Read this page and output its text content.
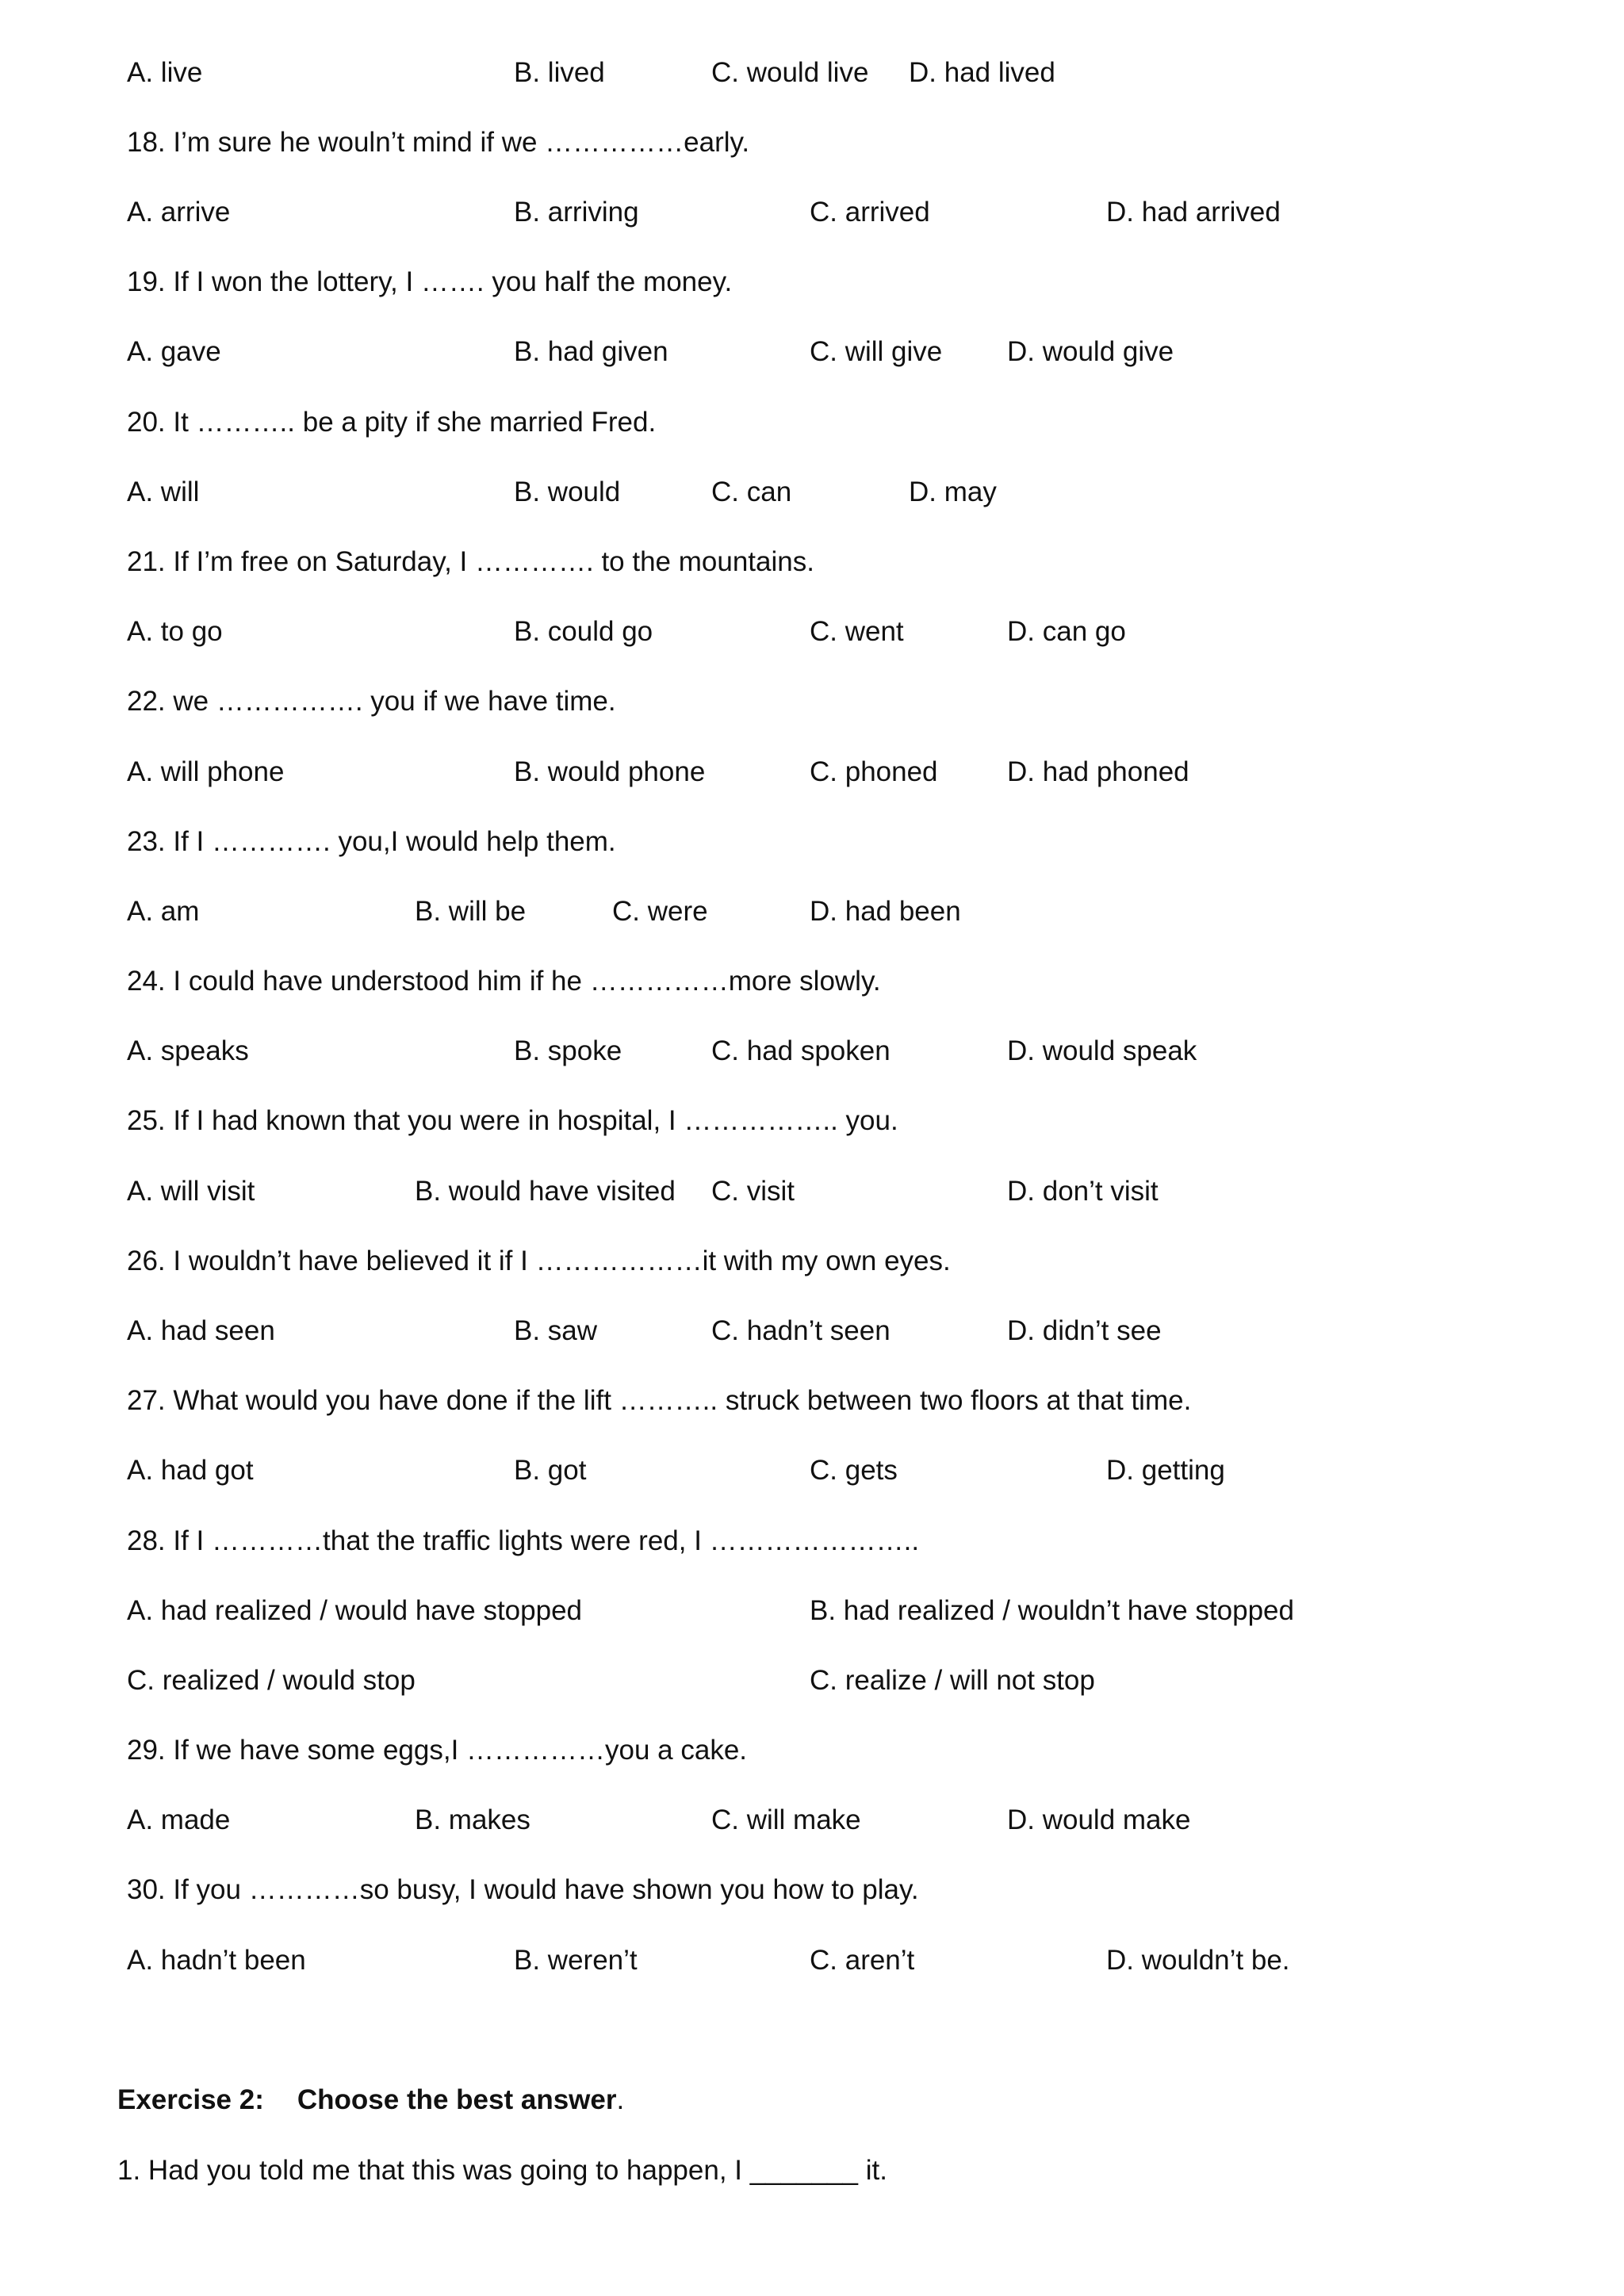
A. live	B. lived	C. would live D. had lived
18. I’m sure he wouln’t mind if we ……………early.
A. arrive	B. arriving	C. arrived	D. had arrived
19. If I won the lottery, I ……. you half the money.
A. gave	B. had given	C. will give D. would give
20. It ……….. be a pity if she married Fred.
A. will	B. would	C. can	D. may
21. If I’m free on Saturday, I …………. to the mountains.
A. to go	B. could go	C. went	D. can go
22. we ……………. you if we have time.
A. will phone	B. would phone	C. phoned D. had phoned
23. If I …………. you,I would help them.
A. am	B. will be	C. were	D. had been
24. I could have understood him if he ……………more slowly.
A. speaks	B. spoke	C. had spoken	D. would speak
25. If I had known that you were in hospital, I …………….. you.
A. will visit	B. would have visited C. visit	D. don’t visit
26. I wouldn’t have believed it if I ………………it with my own eyes.
A. had seen	B. saw	C. hadn’t seen	D. didn’t see
27. What would you have done if the lift ……….. struck between two floors at that time.
A. had got	B. got	C. gets	D. getting
28. If I …………that the traffic lights were red, I …………………..
A. had realized / would have stopped	B. had realized / wouldn’t have stopped
C. realized / would stop	C. realize / will not stop
29. If we have some eggs,I ……………you a cake.
A. made	B. makes	C. will make	D. would make
30. If you …………so busy, I would have shown you how to play.
A. hadn’t been	B. weren’t	C. aren’t	D. wouldn’t be.
Exercise 2: Choose the best answer.
1. Had you told me that this was going to happen, I _______ it.
